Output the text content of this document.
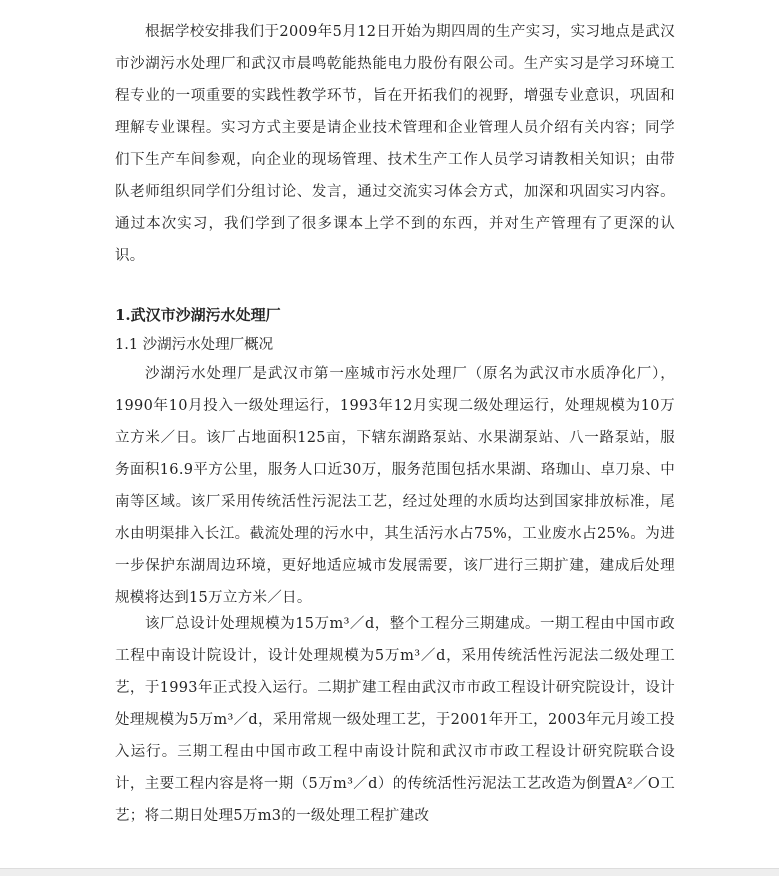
根据学校安排我们于2009年5月12日开始为期四周的生产实习，实习地点是武汉市沙湖污水处理厂和武汉市晨鸣乾能热能电力股份有限公司。生产实习是学习环境工程专业的一项重要的实践性教学环节，旨在开拓我们的视野，增强专业意识，巩固和理解专业课程。实习方式主要是请企业技术管理和企业管理人员介绍有关内容；同学们下生产车间参观，向企业的现场管理、技术生产工作人员学习请教相关知识；由带队老师组织同学们分组讨论、发言，通过交流实习体会方式，加深和巩固实习内容。通过本次实习，我们学到了很多课本上学不到的东西，并对生产管理有了更深的认识。

1.武汉市沙湖污水处理厂
1.1 沙湖污水处理厂概况

沙湖污水处理厂是武汉市第一座城市污水处理厂（原名为武汉市水质净化厂），1990年10月投入一级处理运行，1993年12月实现二级处理运行，处理规模为10万立方米／日。该厂占地面积125亩，下辖东湖路泵站、水果湖泵站、八一路泵站，服务面积16.9平方公里，服务人口近30万，服务范围包括水果湖、珞珈山、卓刀泉、中南等区域。该厂采用传统活性污泥法工艺，经过处理的水质均达到国家排放标准，尾水由明渠排入长江。截流处理的污水中，其生活污水占75%，工业废水占25%。为进一步保护东湖周边环境，更好地适应城市发展需要，该厂进行三期扩建，建成后处理规模将达到15万立方米／日。

该厂总设计处理规模为15万m³／d，整个工程分三期建成。一期工程由中国市政工程中南设计院设计，设计处理规模为5万m³／d，采用传统活性污泥法二级处理工艺，于1993年正式投入运行。二期扩建工程由武汉市市政工程设计研究院设计，设计处理规模为5万m³／d，采用常规一级处理工艺，于2001年开工，2003年元月竣工投入运行。三期工程由中国市政工程中南设计院和武汉市市政工程设计研究院联合设计，主要工程内容是将一期（5万m³／d）的传统活性污泥法工艺改造为倒置A²／O工艺；将二期日处理5万m3的一级处理工程扩建改
